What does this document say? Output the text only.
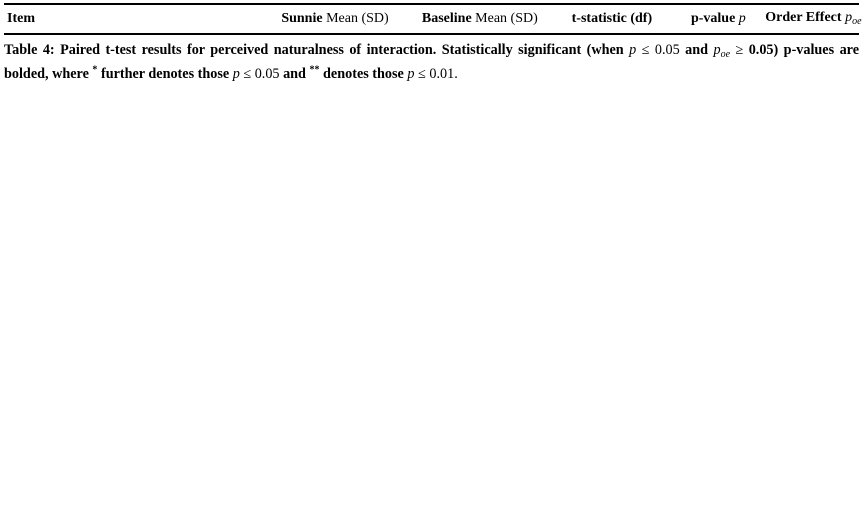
Item	Sunnie Mean (SD)	Baseline Mean (SD)	t-statistic (df)	p-value p	Order Effect $p_{oe}$
Table 4: Paired t-test results for perceived naturalness of interaction. Statistically significant (when p ≤ 0.05 and $p_{oe} \ge 0.05$) p-values are bolded, where * further denotes those p ≤ 0.05 and ** denotes those p ≤ 0.01.
